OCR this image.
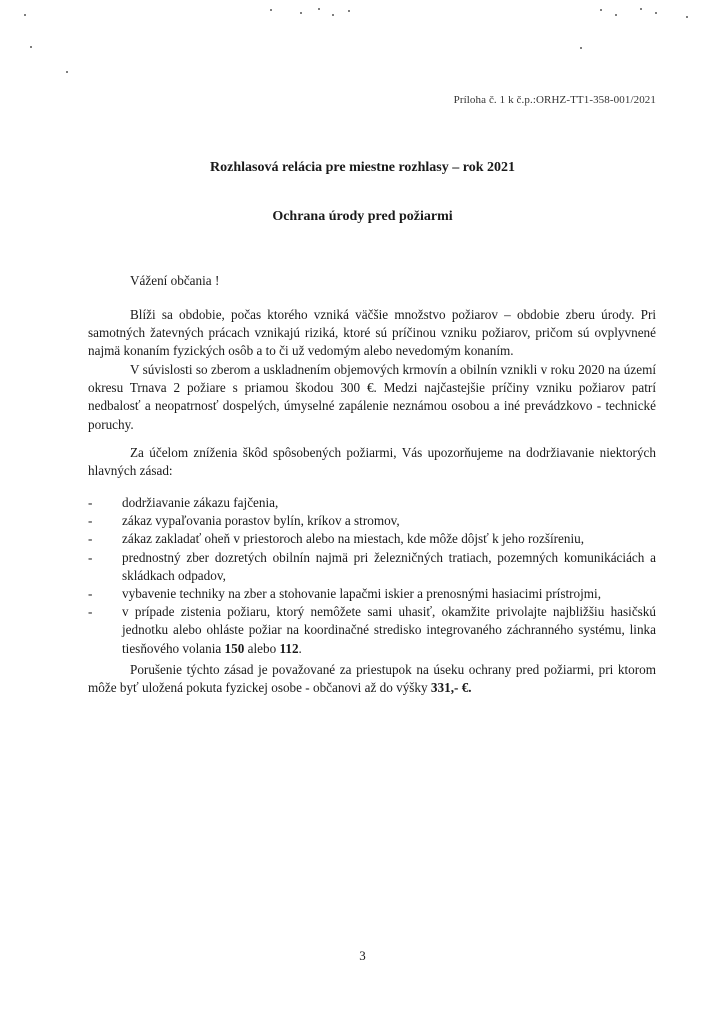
Príloha č. 1 k č.p.:ORHZ-TT1-358-001/2021
Rozhlasová relácia pre miestne rozhlasy – rok 2021
Ochrana úrody pred požiarmi
Vážení občania !
Blíži sa obdobie, počas ktorého vzniká väčšie množstvo požiarov – obdobie zberu úrody. Pri samotných žatevných prácach vznikajú riziká, ktoré sú príčinou vzniku požiarov, pričom sú ovplyvnené najmä konaním fyzických osôb a to či už vedomým alebo nevedomým konaním.
V súvislosti so zberom a uskladnením objemových krmovín a obilnín vznikli v roku 2020 na území okresu Trnava 2 požiare s priamou škodou 300 €. Medzi najčastejšie príčiny vzniku požiarov patrí nedbalosť a neopatrnosť dospelých, úmyselné zapálenie neznámou osobou a iné prevádzkovo - technické poruchy.
Za účelom zníženia škôd spôsobených požiarmi, Vás upozorňujeme na dodržiavanie niektorých hlavných zásad:
- dodržiavanie zákazu fajčenia,
- zákaz vypaľovania porastov bylín, kríkov a stromov,
- zákaz zakladať oheň v priestoroch alebo na miestach, kde môže dôjsť k jeho rozšíreniu,
- prednostný zber dozretých obilnín najmä pri železničných tratiach, pozemných komunikáciách a skládkach odpadov,
- vybavenie techniky na zber a stohovanie lapačmi iskier a prenosnými hasiacimi prístrojmi,
- v prípade zistenia požiaru, ktorý nemôžete sami uhasiť, okamžite privolajte najbližšiu hasičskú jednotku alebo ohláste požiar na koordinačné stredisko integrovaného záchranného systému, linka tiesňového volania 150 alebo 112.
Porušenie týchto zásad je považované za priestupok na úseku ochrany pred požiarmi, pri ktorom môže byť uložená pokuta fyzickej osobe - občanovi až do výšky 331,- €.
3
